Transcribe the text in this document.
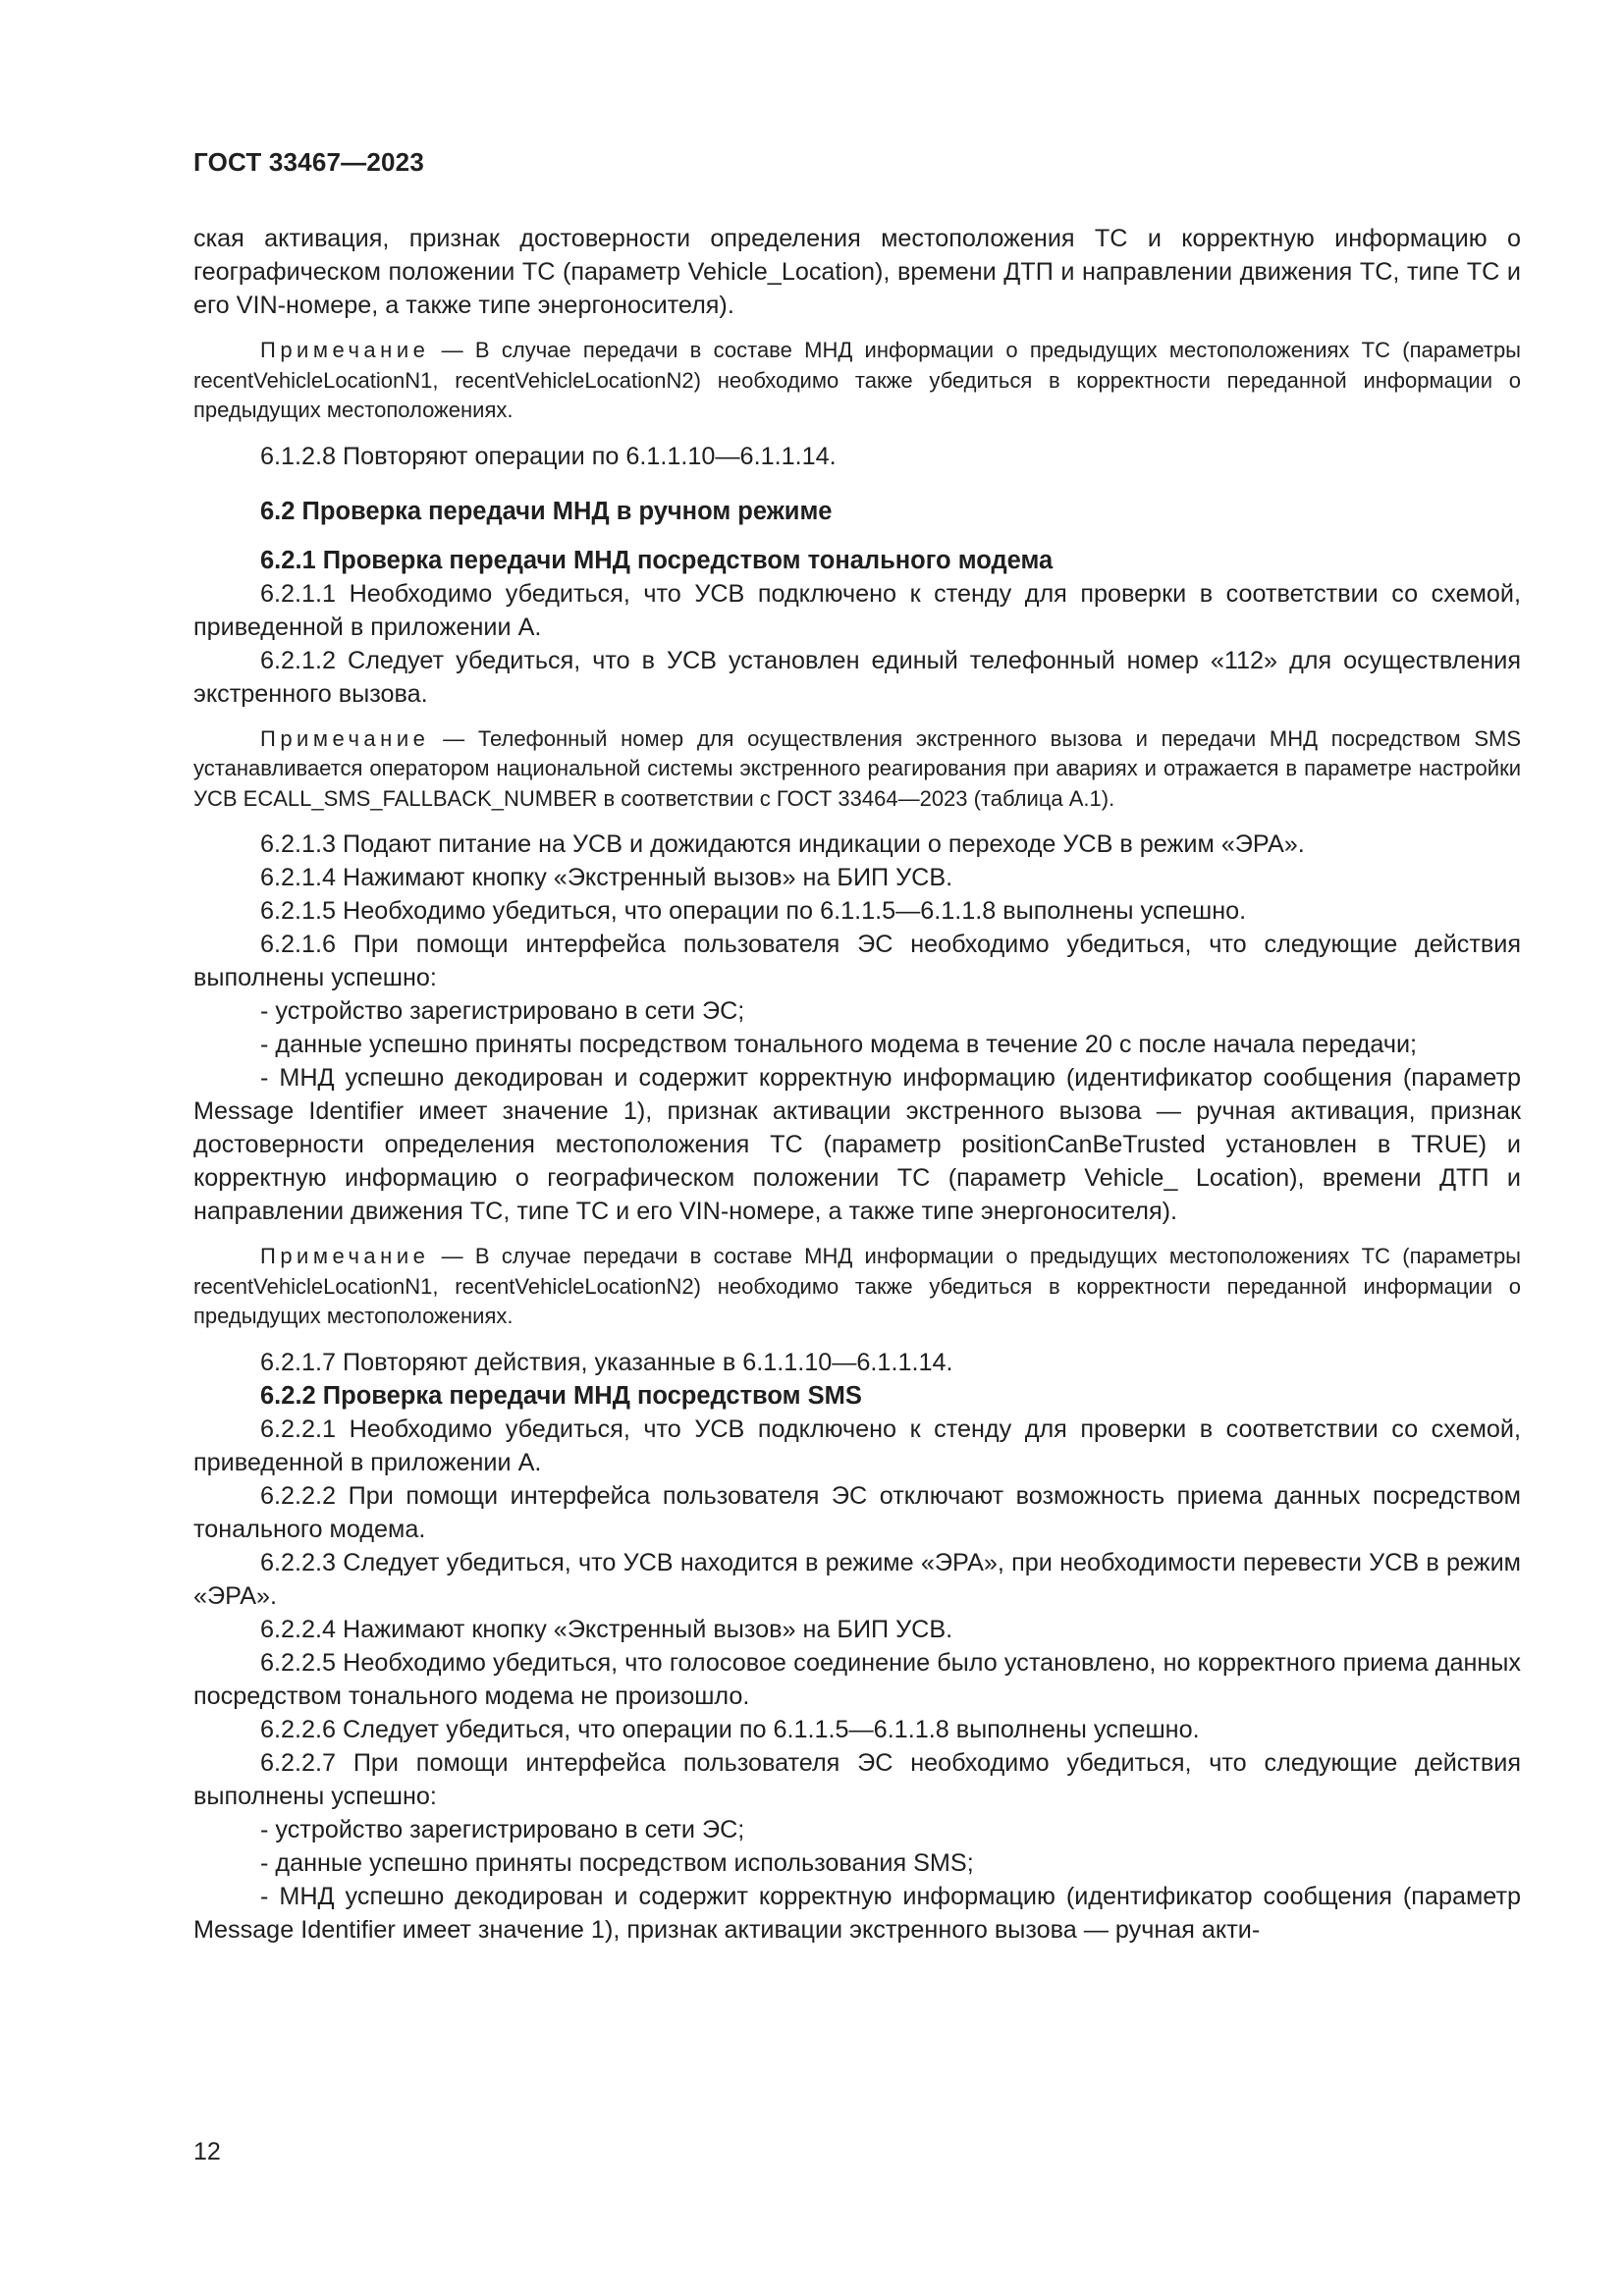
ГОСТ 33467—2023

ская активация, признак достоверности определения местоположения ТС и корректную информацию о географическом положении ТС (параметр Vehicle_Location), времени ДТП и направлении движения ТС, типе ТС и его VIN-номере, а также типе энергоносителя).

Примечание — В случае передачи в составе МНД информации о предыдущих местоположениях ТС (параметры recentVehicleLocationN1, recentVehicleLocationN2) необходимо также убедиться в корректности переданной информации о предыдущих местоположениях.

6.1.2.8 Повторяют операции по 6.1.1.10—6.1.1.14.

6.2 Проверка передачи МНД в ручном режиме

6.2.1 Проверка передачи МНД посредством тонального модема

6.2.1.1 Необходимо убедиться, что УСВ подключено к стенду для проверки в соответствии со схемой, приведенной в приложении А.

6.2.1.2 Следует убедиться, что в УСВ установлен единый телефонный номер «112» для осуществления экстренного вызова.

Примечание — Телефонный номер для осуществления экстренного вызова и передачи МНД посредством SMS устанавливается оператором национальной системы экстренного реагирования при авариях и отражается в параметре настройки УСВ ECALL_SMS_FALLBACK_NUMBER в соответствии с ГОСТ 33464—2023 (таблица А.1).

6.2.1.3 Подают питание на УСВ и дожидаются индикации о переходе УСВ в режим «ЭРА».

6.2.1.4 Нажимают кнопку «Экстренный вызов» на БИП УСВ.

6.2.1.5 Необходимо убедиться, что операции по 6.1.1.5—6.1.1.8 выполнены успешно.

6.2.1.6 При помощи интерфейса пользователя ЭС необходимо убедиться, что следующие действия выполнены успешно:

- устройство зарегистрировано в сети ЭС;

- данные успешно приняты посредством тонального модема в течение 20 с после начала передачи;

- МНД успешно декодирован и содержит корректную информацию (идентификатор сообщения (параметр Message Identifier имеет значение 1), признак активации экстренного вызова — ручная активация, признак достоверности определения местоположения ТС (параметр positionCanBeTrusted установлен в TRUE) и корректную информацию о географическом положении ТС (параметр Vehicle_ Location), времени ДТП и направлении движения ТС, типе ТС и его VIN-номере, а также типе энергоносителя).

Примечание — В случае передачи в составе МНД информации о предыдущих местоположениях ТС (параметры recentVehicleLocationN1, recentVehicleLocationN2) необходимо также убедиться в корректности переданной информации о предыдущих местоположениях.

6.2.1.7 Повторяют действия, указанные в 6.1.1.10—6.1.1.14.

6.2.2 Проверка передачи МНД посредством SMS

6.2.2.1 Необходимо убедиться, что УСВ подключено к стенду для проверки в соответствии со схемой, приведенной в приложении А.

6.2.2.2 При помощи интерфейса пользователя ЭС отключают возможность приема данных посредством тонального модема.

6.2.2.3 Следует убедиться, что УСВ находится в режиме «ЭРА», при необходимости перевести УСВ в режим «ЭРА».

6.2.2.4 Нажимают кнопку «Экстренный вызов» на БИП УСВ.

6.2.2.5 Необходимо убедиться, что голосовое соединение было установлено, но корректного приема данных посредством тонального модема не произошло.

6.2.2.6 Следует убедиться, что операции по 6.1.1.5—6.1.1.8 выполнены успешно.

6.2.2.7 При помощи интерфейса пользователя ЭС необходимо убедиться, что следующие действия выполнены успешно:

- устройство зарегистрировано в сети ЭС;

- данные успешно приняты посредством использования SMS;

- МНД успешно декодирован и содержит корректную информацию (идентификатор сообщения (параметр Message Identifier имеет значение 1), признак активации экстренного вызова — ручная акти-

12
